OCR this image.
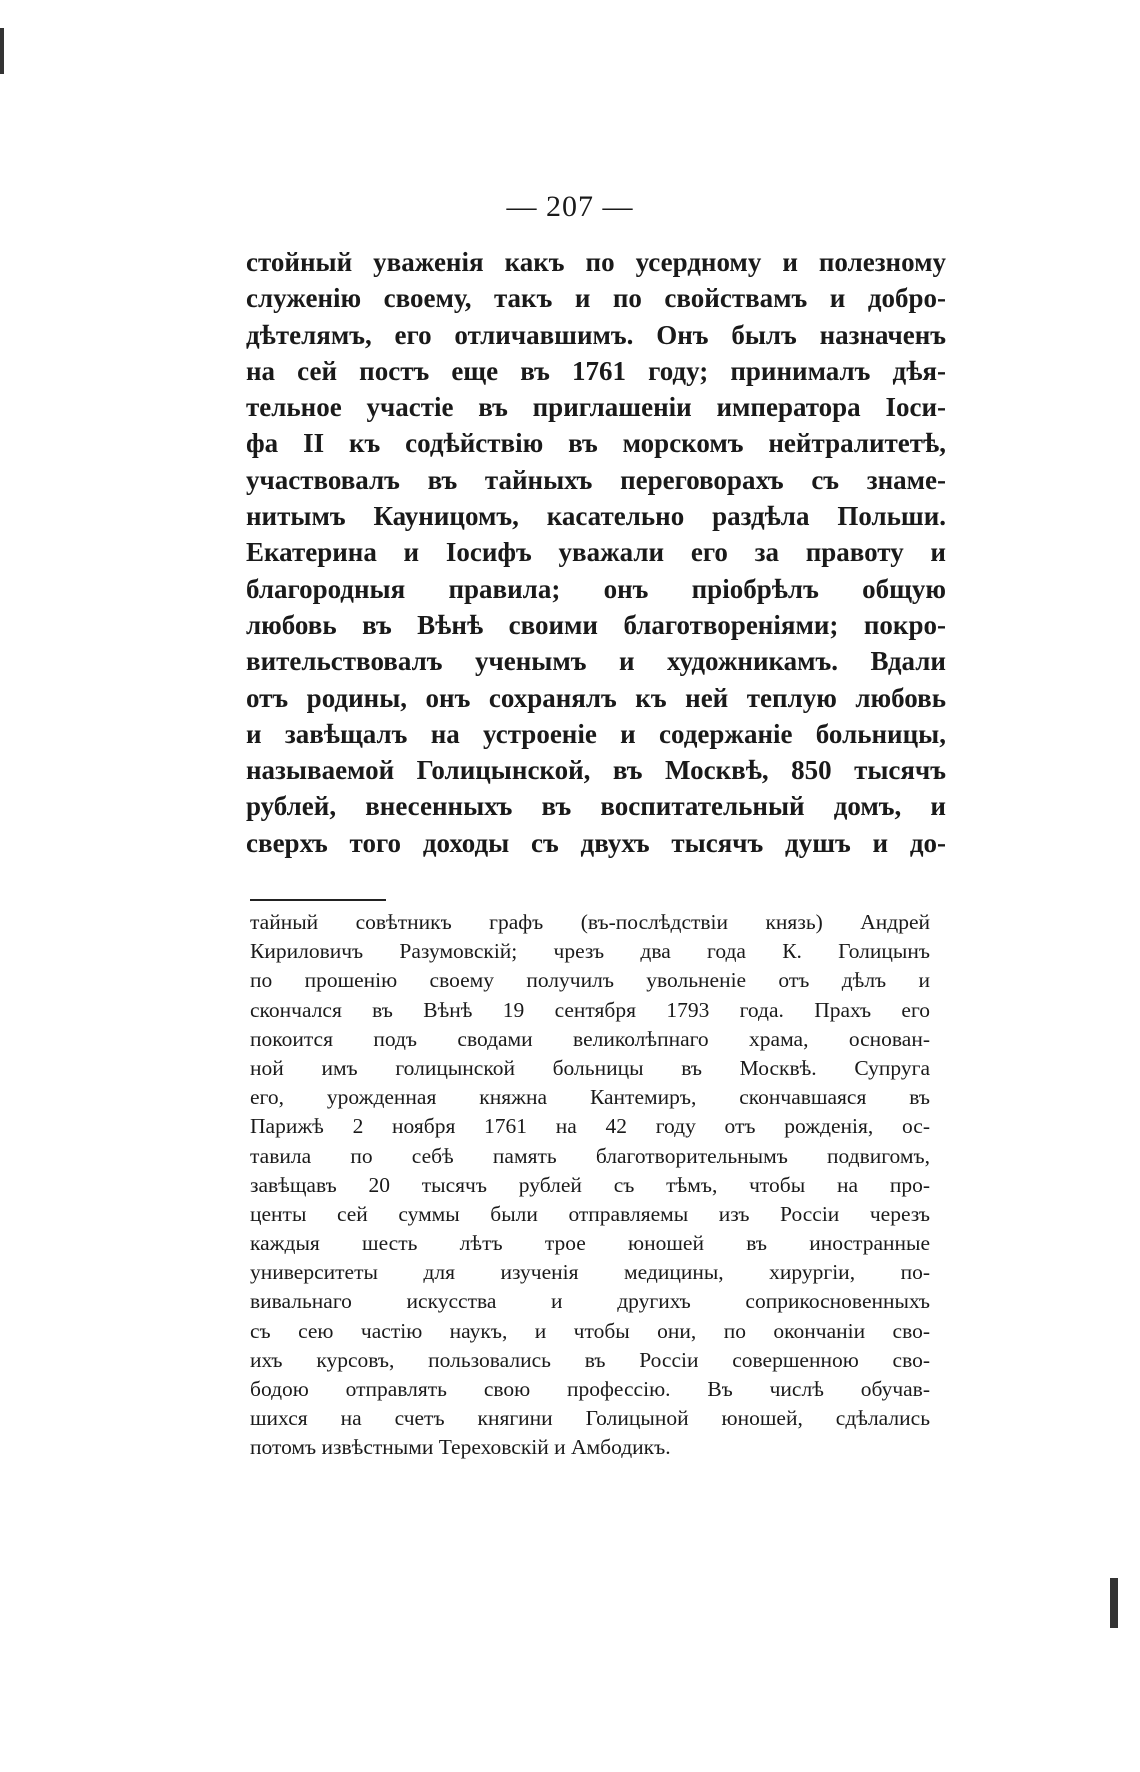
— 207 —
стойный уваженія какъ по усердному и полезному
служенію своему, такъ и по свойствамъ и добро-
дѣтелямъ, его отличавшимъ. Онъ былъ назначенъ
на сей постъ еще въ 1761 году; принималъ дѣя-
тельное участіе въ приглашеніи императора Іоси-
фа II къ содѣйствію въ морскомъ нейтралитетѣ,
участвовалъ въ тайныхъ переговорахъ съ знаме-
нитымъ Кауницомъ, касательно раздѣла Польши.
Екатерина и Іосифъ уважали его за правоту и
благородныя правила; онъ пріобрѣлъ общую
любовь въ Вѣнѣ своими благотвореніями; покро-
вительствовалъ ученымъ и художникамъ. Вдали
отъ родины, онъ сохранялъ къ ней теплую любовь
и завѣщалъ на устроеніе и содержаніе больницы,
называемой Голицынской, въ Москвѣ, 850 тысячъ
рублей, внесенныхъ въ воспитательный домъ, и
сверхъ того доходы съ двухъ тысячъ душъ и до-
тайный совѣтникъ графъ (въ-послѣдствіи князь) Андрей
Кириловичъ Разумовскій; чрезъ два года К. Голицынъ
по прошенію своему получилъ увольненіе отъ дѣлъ и
скончался въ Вѣнѣ 19 сентября 1793 года. Прахъ его
покоится подъ сводами великолѣпнаго храма, основан-
ной имъ голицынской больницы въ Москвѣ. Супруга
его, урожденная княжна Кантемиръ, скончавшаяся въ
Парижѣ 2 ноября 1761 на 42 году отъ рожденія, ос-
тавила по себѣ память благотворительнымъ подвигомъ,
завѣщавъ 20 тысячъ рублей съ тѣмъ, чтобы на про-
центы сей суммы были отправляемы изъ Россіи черезъ
каждыя шесть лѣтъ трое юношей въ иностранные
университеты для изученія медицины, хирургіи, по-
вивальнаго искусства и другихъ соприкосновенныхъ
съ сею частію наукъ, и чтобы они, по окончаніи сво-
ихъ курсовъ, пользовались въ Россіи совершенною сво-
бодою отправлять свою профессію. Въ числѣ обучав-
шихся на счетъ княгини Голицыной юношей, сдѣлались
потомъ извѣстными Тереховскій и Амбодикъ.
